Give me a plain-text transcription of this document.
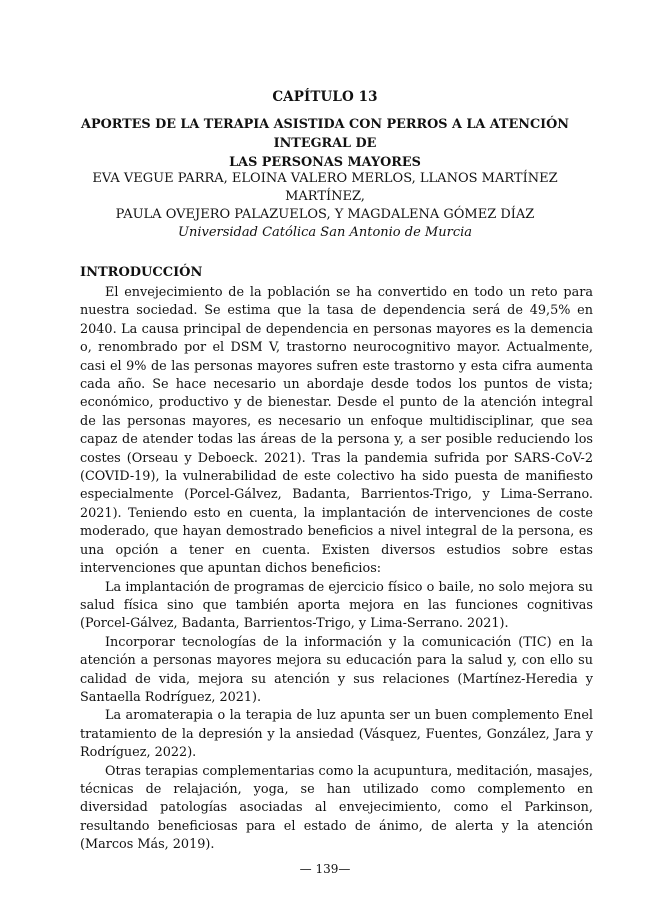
CAPÍTULO 13
APORTES DE LA TERAPIA ASISTIDA CON PERROS A LA ATENCIÓN INTEGRAL DE
LAS PERSONAS MAYORES
EVA VEGUE PARRA, ELOINA VALERO MERLOS, LLANOS MARTÍNEZ MARTÍNEZ,
PAULA OVEJERO PALAZUELOS, Y MAGDALENA GÓMEZ DÍAZ
Universidad Católica San Antonio de Murcia
INTRODUCCIÓN

El envejecimiento de la población se ha convertido en todo un reto para nuestra sociedad. Se estima que la tasa de dependencia será de 49,5% en 2040. La causa principal de dependencia en personas mayores es la demencia o, renombrado por el DSM V, trastorno neurocognitivo mayor. Actualmente, casi el 9% de las personas mayores sufren este trastorno y esta cifra aumenta cada año. Se hace necesario un abordaje desde todos los puntos de vista; económico, productivo y de bienestar. Desde el punto de la atención integral de las personas mayores, es necesario un enfoque multidisciplinar, que sea capaz de atender todas las áreas de la persona y, a ser posible reduciendo los costes (Orseau y Deboeck. 2021). Tras la pandemia sufrida por SARS-CoV-2 (COVID-19), la vulnerabilidad de este colectivo ha sido puesta de manifiesto especialmente (Porcel-Gálvez, Badanta, Barrientos-Trigo, y Lima-Serrano. 2021). Teniendo esto en cuenta, la implantación de intervenciones de coste moderado, que hayan demostrado beneficios a nivel integral de la persona, es una opción a tener en cuenta. Existen diversos estudios sobre estas intervenciones que apuntan dichos beneficios:

La implantación de programas de ejercicio físico o baile, no solo mejora su salud física sino que también aporta mejora en las funciones cognitivas (Porcel-Gálvez, Badanta, Barrientos-Trigo, y Lima-Serrano. 2021).

Incorporar tecnologías de la información y la comunicación (TIC) en la atención a personas mayores mejora su educación para la salud y, con ello su calidad de vida, mejora su atención y sus relaciones (Martínez-Heredia y Santaella Rodríguez, 2021).

La aromaterapia o la terapia de luz apunta ser un buen complemento Enel tratamiento de la depresión y la ansiedad (Vásquez, Fuentes, González, Jara y Rodríguez, 2022).

Otras terapias complementarias como la acupuntura, meditación, masajes, técnicas de relajación, yoga, se han utilizado como complemento en diversidad patologías asociadas al envejecimiento, como el Parkinson, resultando beneficiosas para el estado de ánimo, de alerta y la atención (Marcos Más, 2019).

— 139—
